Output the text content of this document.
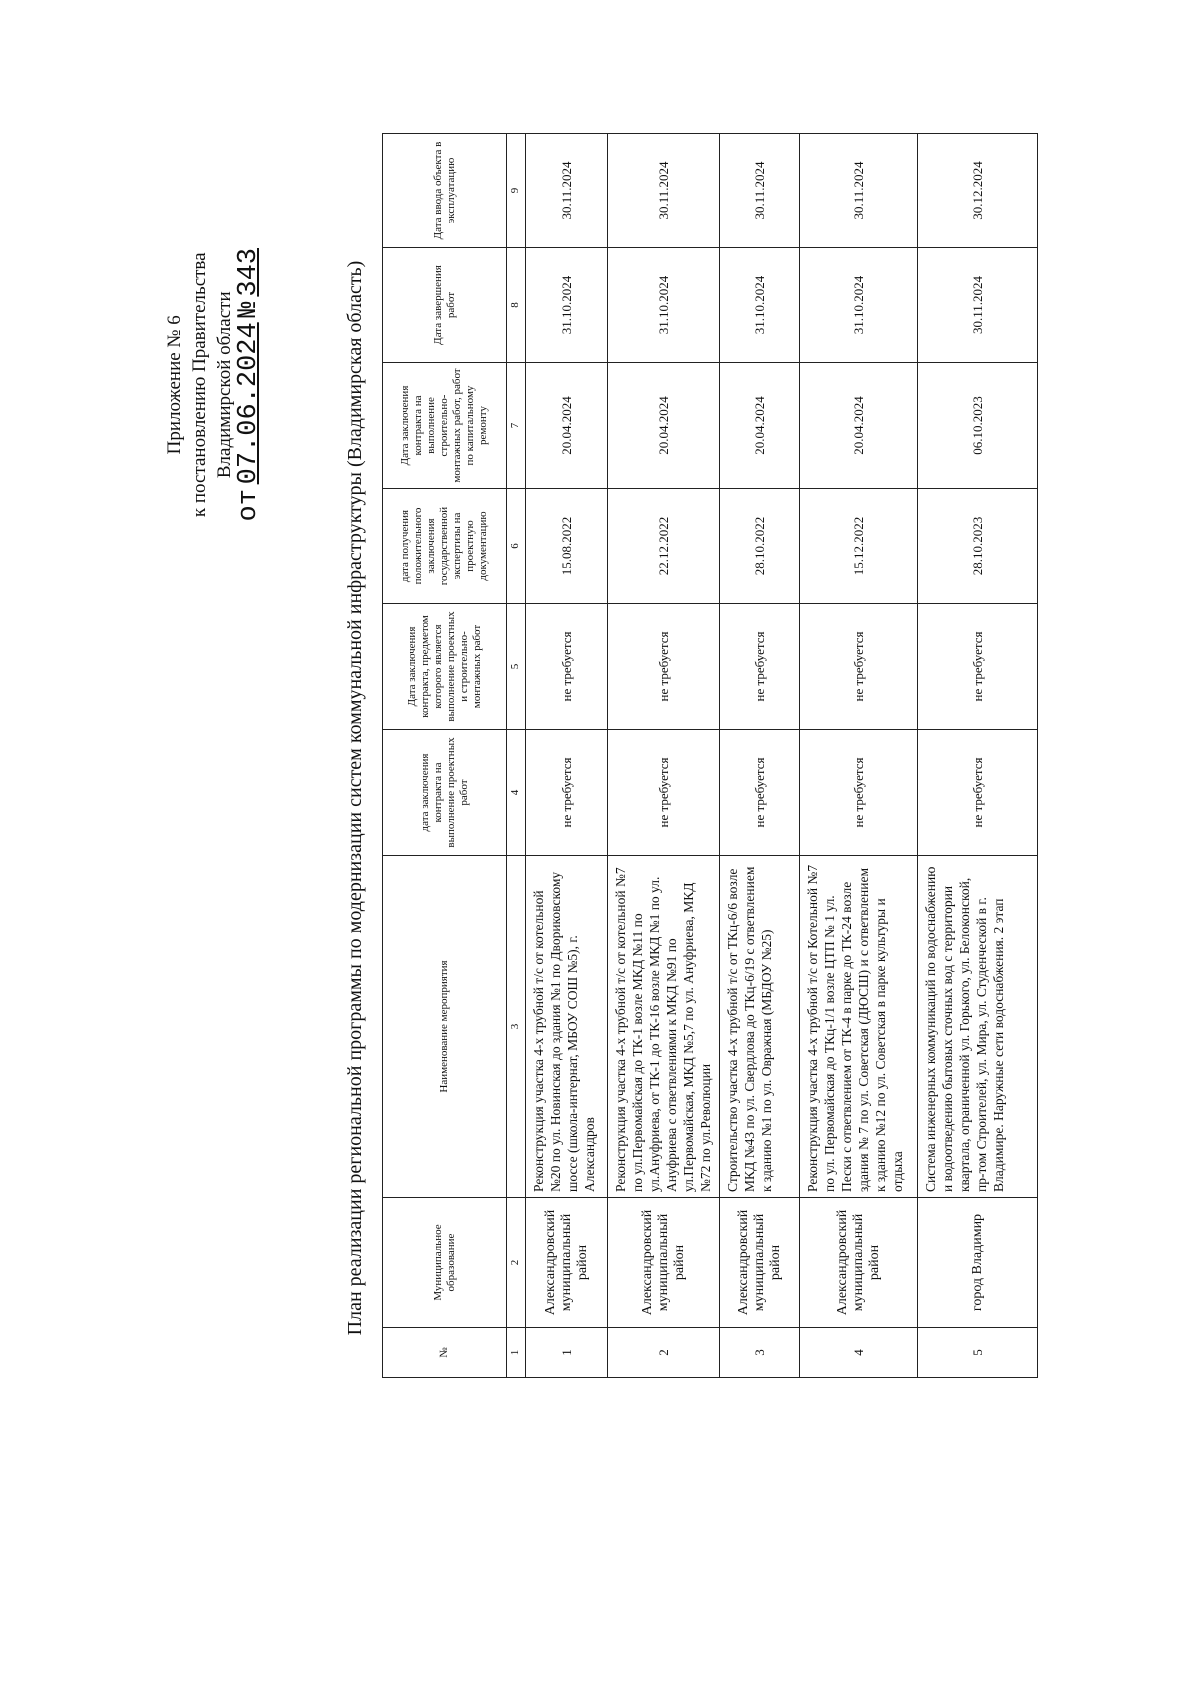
Приложение № 6 к постановлению Правительства Владимирской области
от 07.06.2024 № 343	План реализации региональной программы по модернизации систем коммунальной инфраструктуры (Владимирская область)
№	Муниципальное образование	Наименование мероприятия	дата заключения контракта на выполнение проектных работ	Дата заключения контракта, предметом которого является выполнение проектных и строительно-монтажных работ	дата получения положительного заключения государственной экспертизы на проектную документацию	Дата заключения контракта на выполнение строительно-монтажных работ, работ по капитальному ремонту	Дата завершения работ	Дата ввода объекта в эксплуатацию
1	2	3	4	5	6	7	8	9
1	Александровский муниципальный район	Реконструкция участка 4-х трубной т/с от котельной №20 по ул. Новинская до здания №1 по Двориковскому шоссе (школа-интернат, МБОУ СОШ №5), г. Александров	не требуется	не требуется	15.08.2022	20.04.2024	31.10.2024	30.11.2024
2	Александровский муниципальный район	Реконструкция участка 4-х трубной т/с от котельной №7 по ул.Первомайская до ТК-1 возле МКД №11 по ул.Ануфриева, от ТК-1 до ТК-16 возле МКД №1 по ул. Ануфриева с ответвлениями к МКД №91 по ул.Первомайская, МКД №5,7 по ул. Ануфриева, МКД №72 по ул.Революции	не требуется	не требуется	22.12.2022	20.04.2024	31.10.2024	30.11.2024
3	Александровский муниципальный район	Строительство участка 4-х трубной т/с от ТКц-6/6 возле МКД №43 по ул. Свердлова до ТКц-6/19 с ответвлением к зданию №1 по ул. Овражная (МБДОУ №25)	не требуется	не требуется	28.10.2022	20.04.2024	31.10.2024	30.11.2024
4	Александровский муниципальный район	Реконструкция участка 4-х трубной т/с от Котельной №7 по ул. Первомайская до ТКц-1/1 возле ЦТП № 1 ул. Пески с ответвлением от ТК-4 в парке до ТК-24 возле здания № 7 по ул. Советская (ДЮСШ) и с ответвлением к зданию №12 по ул. Советская в парке культуры и отдыха	не требуется	не требуется	15.12.2022	20.04.2024	31.10.2024	30.11.2024
5	город Владимир	Система инженерных коммуникаций по водоснабжению и водоотведению бытовых сточных вод с территории квартала, ограниченной ул. Горького, ул. Белоконской, пр-том Строителей, ул. Мира, ул. Студенческой в г. Владимире. Наружные сети водоснабжения. 2 этап	не требуется	не требуется	28.10.2023	06.10.2023	30.11.2024	30.12.2024
